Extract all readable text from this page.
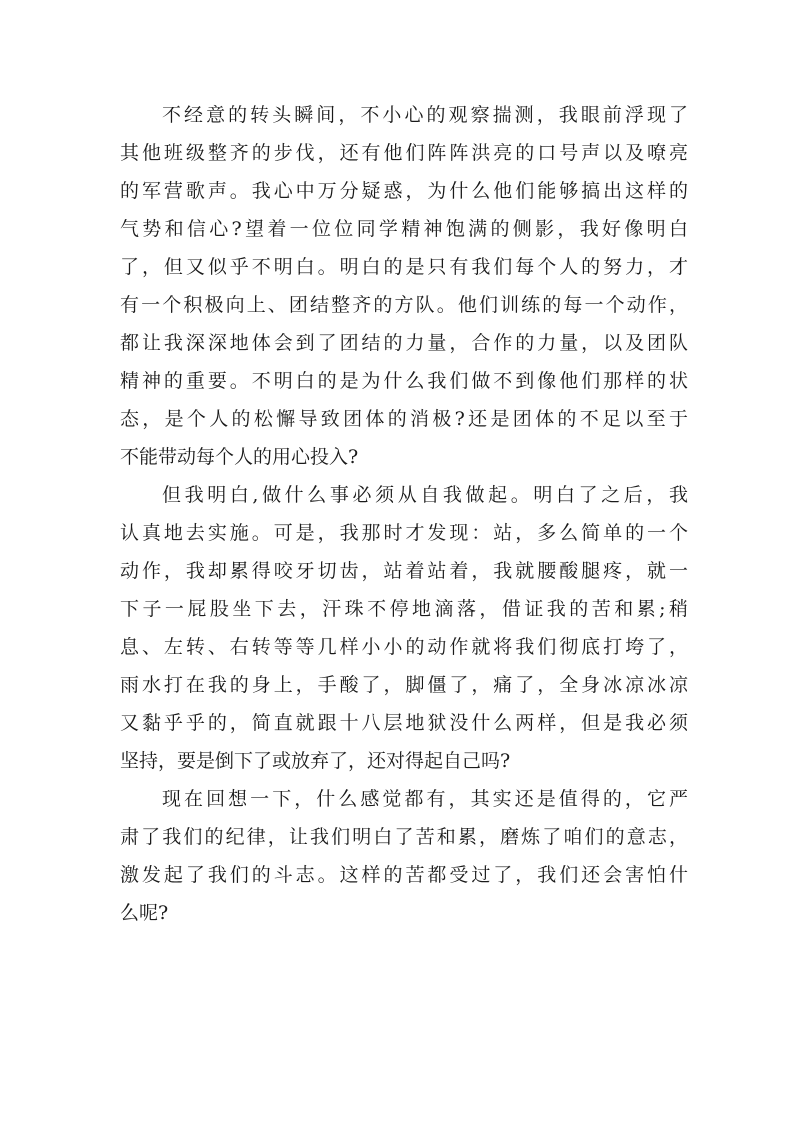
不经意的转头瞬间，不小心的观察揣测，我眼前浮现了
其他班级整齐的步伐，还有他们阵阵洪亮的口号声以及嘹亮
的军营歌声。我心中万分疑惑，为什么他们能够搞出这样的
气势和信心?望着一位位同学精神饱满的侧影，我好像明白
了，但又似乎不明白。明白的是只有我们每个人的努力，才
有一个积极向上、团结整齐的方队。他们训练的每一个动作，
都让我深深地体会到了团结的力量，合作的力量，以及团队
精神的重要。不明白的是为什么我们做不到像他们那样的状
态，是个人的松懈导致团体的消极?还是团体的不足以至于
不能带动每个人的用心投入?
但我明白,做什么事必须从自我做起。明白了之后，我
认真地去实施。可是，我那时才发现：站，多么简单的一个
动作，我却累得咬牙切齿，站着站着，我就腰酸腿疼，就一
下子一屁股坐下去，汗珠不停地滴落，借证我的苦和累;稍
息、左转、右转等等几样小小的动作就将我们彻底打垮了，
雨水打在我的身上，手酸了，脚僵了，痛了，全身冰凉冰凉
又黏乎乎的，简直就跟十八层地狱没什么两样，但是我必须
坚持，要是倒下了或放弃了，还对得起自己吗?
现在回想一下，什么感觉都有，其实还是值得的，它严
肃了我们的纪律，让我们明白了苦和累，磨炼了咱们的意志，
激发起了我们的斗志。这样的苦都受过了，我们还会害怕什
么呢?
